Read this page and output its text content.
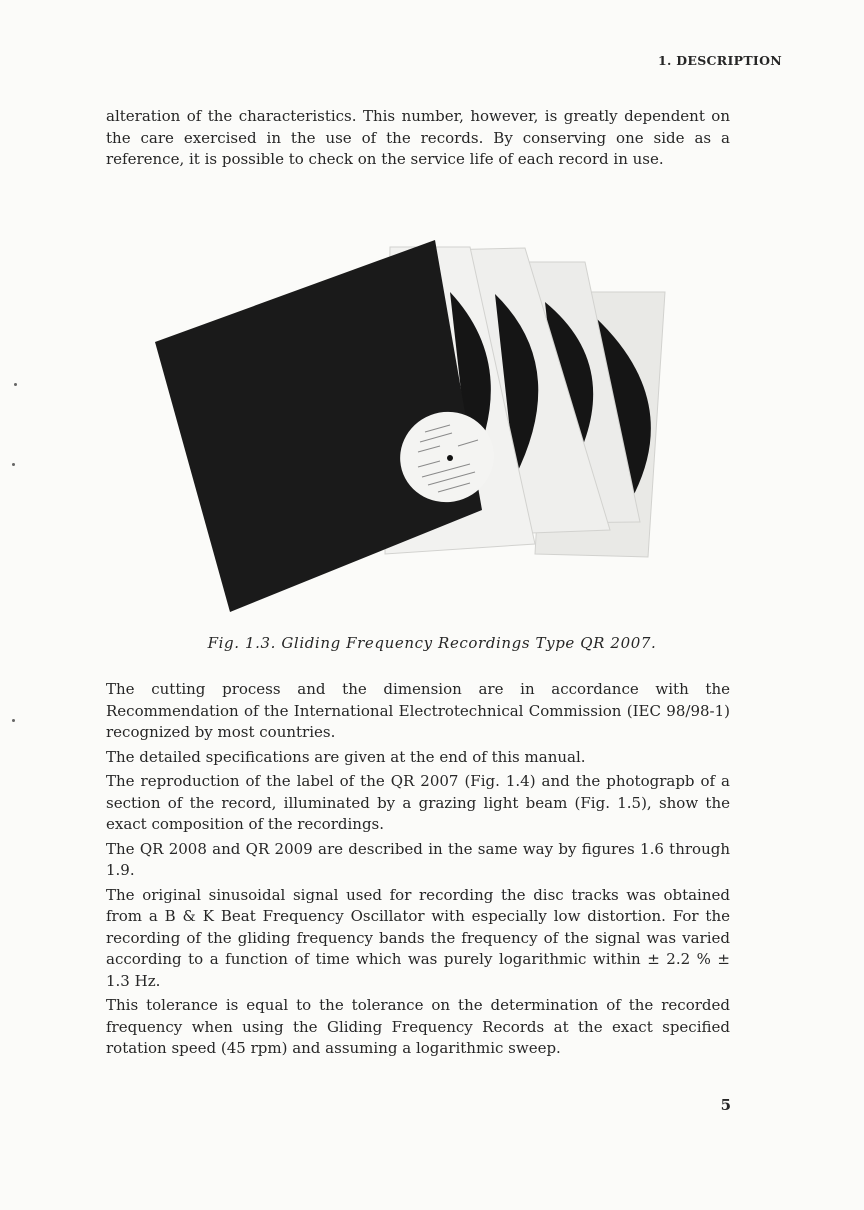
1. DESCRIPTION

alteration of the characteristics. This number, however, is greatly dependent on the care exercised in the use of the records. By conserving one side as a reference, it is possible to check on the service life of each record in use.

Fig. 1.3. Gliding Frequency Recordings Type QR 2007.

The cutting process and the dimension are in accordance with the Recommendation of the International Electrotechnical Commission (IEC 98/98-1) recognized by most countries.

The detailed specifications are given at the end of this manual.

The reproduction of the label of the QR 2007 (Fig. 1.4) and the photograpb of a section of the record, illuminated by a grazing light beam (Fig. 1.5), show the exact composition of the recordings.

The QR 2008 and QR 2009 are described in the same way by figures 1.6 through 1.9.

The original sinusoidal signal used for recording the disc tracks was obtained from a B & K Beat Frequency Oscillator with especially low distortion. For the recording of the gliding frequency bands the frequency of the signal was varied according to a function of time which was purely logarithmic within ± 2.2 % ± 1.3 Hz.

This tolerance is equal to the tolerance on the determination of the recorded frequency when using the Gliding Frequency Records at the exact specified rotation speed (45 rpm) and assuming a logarithmic sweep.

5
